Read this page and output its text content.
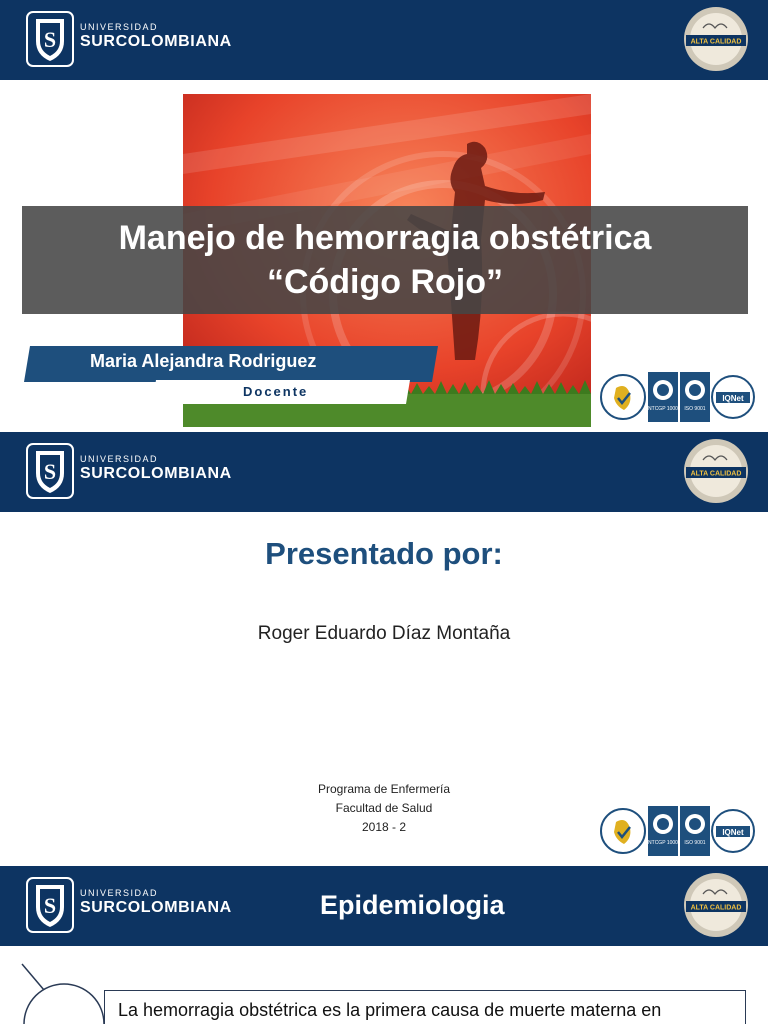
S	UNIVERSIDAD
SURCOLOMBIANA	ALTA CALIDAD
Manejo de hemorragia obstétrica
“Código Rojo”
Maria Alejandra Rodriguez
Docente
NTCGP 1000 ISO 9001
IQNet
S	UNIVERSIDAD
SURCOLOMBIANA	ALTA CALIDAD
Presentado por:
Roger Eduardo Díaz Montaña
Programa de Enfermería
Facultad de Salud
2018 - 2
NTCGP 1000 ISO 9001
IQNet
S	UNIVERSIDAD
SURCOLOMBIANA	Epidemiologia	ALTA CALIDAD
La hemorragia obstétrica es la primera causa de muerte materna en
